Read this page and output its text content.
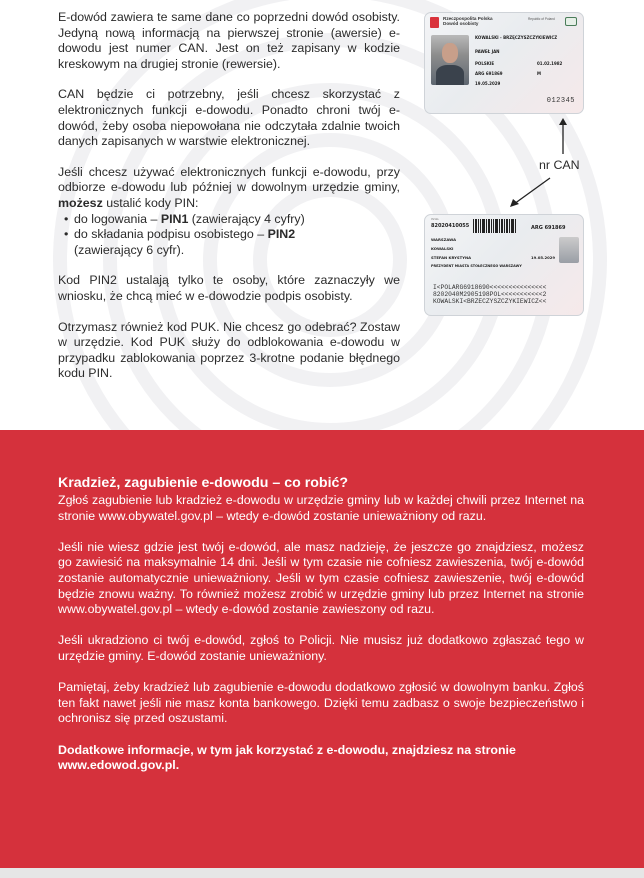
E-dowód zawiera te same dane co poprzedni dowód osobisty. Jedyną nową informacją na pierwszej stronie (awersie) e-dowodu jest numer CAN. Jest on też zapisany w kodzie kreskowym na drugiej stronie (rewersie).

CAN będzie ci potrzebny, jeśli chcesz skorzystać z elektronicznych funkcji e-dowodu. Ponadto chroni twój e-dowód, żeby osoba niepowołana nie odczytała zdalnie twoich danych zapisanych w warstwie elektronicznej.

Jeśli chcesz używać elektronicznych funkcji e-dowodu, przy odbiorze e-dowodu lub później w dowolnym urzędzie gminy, możesz ustalić kody PIN:

• do logowania – PIN1 (zawierający 4 cyfry)
• do składania podpisu osobistego – PIN2
(zawierający 6 cyfr).

Kod PIN2 ustalają tylko te osoby, które zaznaczyły we wniosku, że chcą mieć w e-dowodzie podpis osobisty.

Otrzymasz również kod PUK. Nie chcesz go odebrać? Zostaw w urzędzie. Kod PUK służy do odblokowania e-dowodu w przypadku zablokowania poprzez 3-krotne podanie błędnego kodu PIN.

Rzeczpospolita Polska
Dowód osobisty
Republic of Poland
KOWALSKI - BRZĘCZYSZCZYKIEWICZ
PAWEŁ JAN
POLSKIE	01.02.1982
ARG 691869	M
19.05.2029
012345
nr CAN
PESEL
82020410055	ARG 691869
WARSZAWA
KOWALSKI
STEFAN KRYSTYNA	19.05.2029
PREZYDENT MIASTA STOŁECZNEGO WARSZAWY
I<POLARG6918690<<<<<<<<<<<<<<<
8202040M2905198POL<<<<<<<<<<<2
KOWALSKI<BRZECZYSZCZYKIEWICZ<<
Kradzież, zagubienie e-dowodu – co robić?

Zgłoś zagubienie lub kradzież e-dowodu w urzędzie gminy lub w każdej chwili przez Internet na stronie www.obywatel.gov.pl – wtedy e-dowód zostanie unieważniony od razu.

Jeśli nie wiesz gdzie jest twój e-dowód, ale masz nadzieję, że jeszcze go znajdziesz, możesz go zawiesić na maksymalnie 14 dni. Jeśli w tym czasie nie cofniesz zawieszenia, twój e-dowód zostanie automatycznie unieważniony. Jeśli w tym czasie cofniesz zawieszenie, twój e-dowód będzie znowu ważny. To również możesz zrobić w urzędzie gminy lub przez Internet na stronie www.obywatel.gov.pl – wtedy e-dowód zostanie zawieszony od razu.

Jeśli ukradziono ci twój e-dowód, zgłoś to Policji. Nie musisz już dodatkowo zgłaszać tego w urzędzie gminy. E-dowód zostanie unieważniony.

Pamiętaj, żeby kradzież lub zagubienie e-dowodu dodatkowo zgłosić w dowolnym banku. Zgłoś ten fakt nawet jeśli nie masz konta bankowego. Dzięki temu zadbasz o swoje bezpieczeństwo i ochronisz się przed oszustami.

Dodatkowe informacje, w tym jak korzystać z e-dowodu, znajdziesz na stronie www.edowod.gov.pl.
